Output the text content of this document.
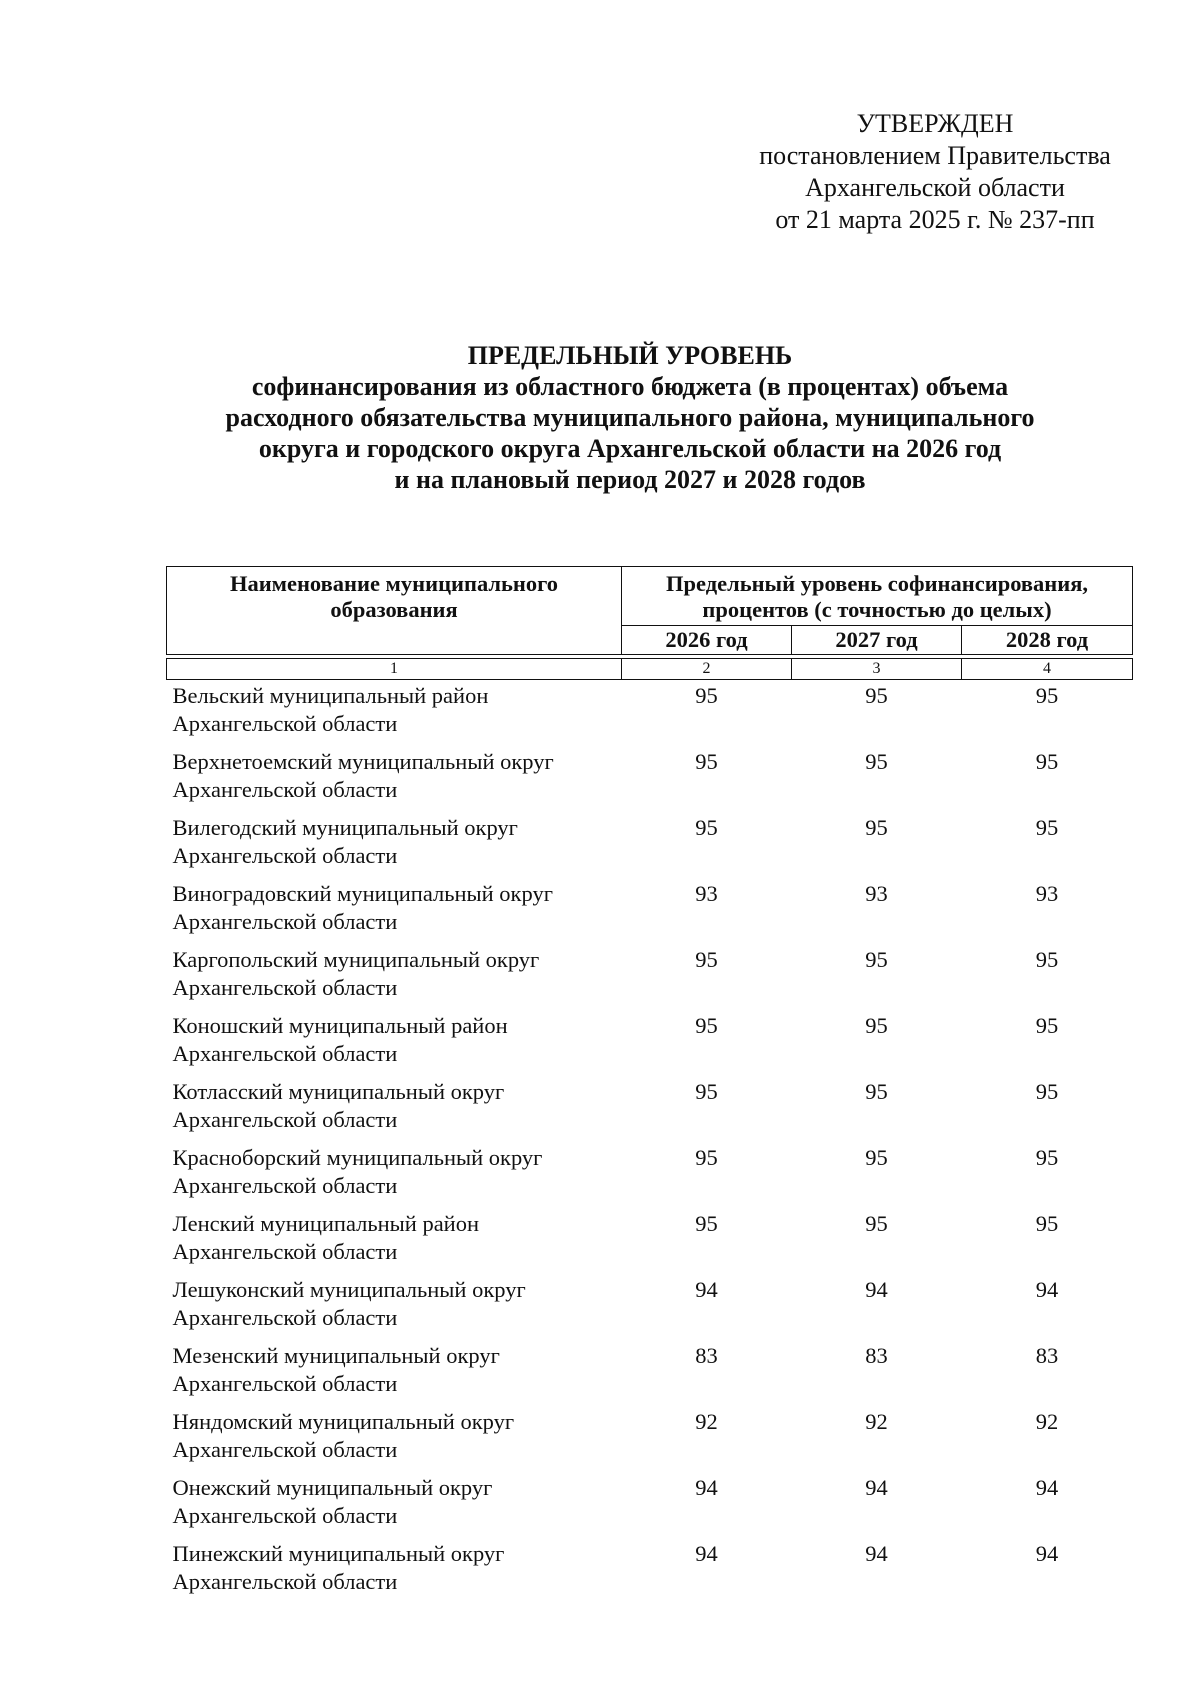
УТВЕРЖДЕН
постановлением Правительства
Архангельской области
от 21 марта 2025 г. № 237-пп
ПРЕДЕЛЬНЫЙ УРОВЕНЬ
софинансирования из областного бюджета (в процентах) объема
расходного обязательства муниципального района, муниципального
округа и городского округа Архангельской области на 2026 год
и на плановый период 2027 и 2028 годов
Наименование муниципального образования	Предельный уровень софинансирования, процентов (с точностью до целых)		
	2026 год	2027 год	2028 год

1	2	3	4

Вельский муниципальный район
Архангельской области	95	95	95

Верхнетоемский муниципальный округ
Архангельской области	95	95	95

Вилегодский муниципальный округ
Архангельской области	95	95	95

Виноградовский муниципальный округ
Архангельской области	93	93	93

Каргопольский муниципальный округ
Архангельской области	95	95	95

Коношский муниципальный район
Архангельской области	95	95	95

Котласский муниципальный округ
Архангельской области	95	95	95

Красноборский муниципальный округ
Архангельской области	95	95	95

Ленский муниципальный район
Архангельской области	95	95	95

Лешуконский муниципальный округ
Архангельской области	94	94	94

Мезенский муниципальный округ
Архангельской области	83	83	83

Няндомский муниципальный округ
Архангельской области	92	92	92

Онежский муниципальный округ
Архангельской области	94	94	94

Пинежский муниципальный округ
Архангельской области	94	94	94
